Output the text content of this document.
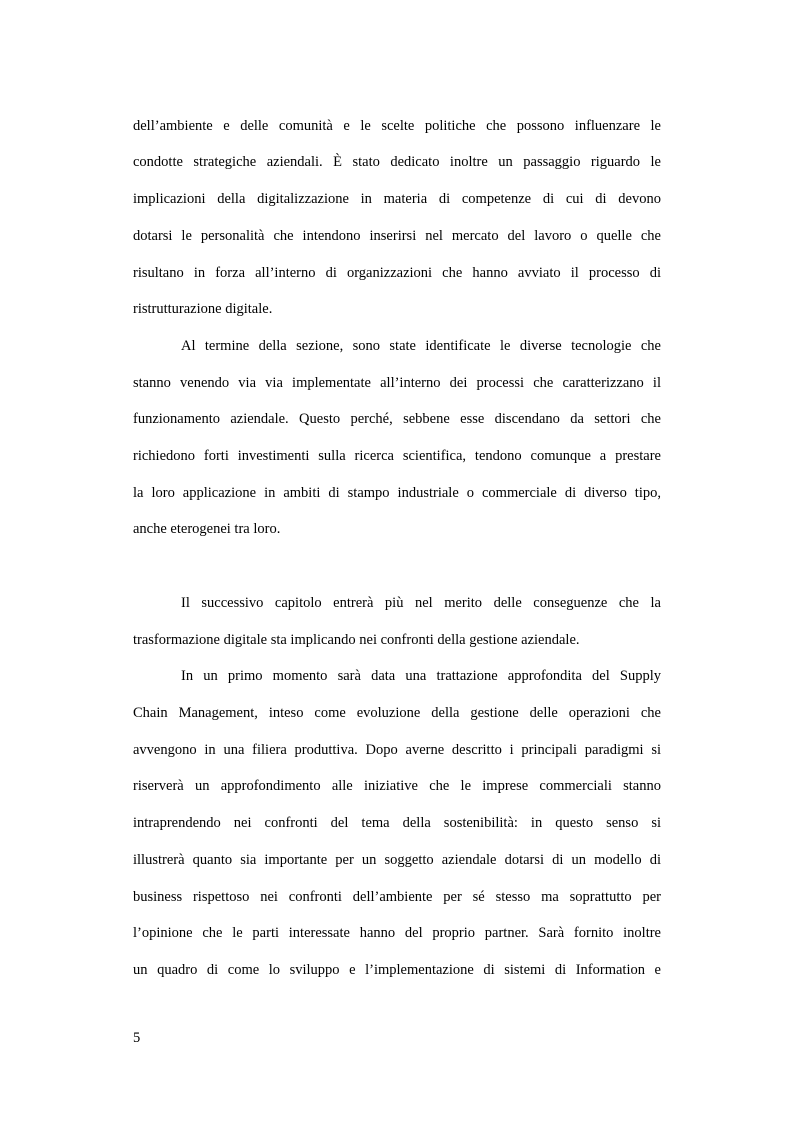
dell’ambiente e delle comunità e le scelte politiche che possono influenzare le
condotte strategiche aziendali. È stato dedicato inoltre un passaggio riguardo le
implicazioni della digitalizzazione in materia di competenze di cui di devono
dotarsi le personalità che intendono inserirsi nel mercato del lavoro o quelle che
risultano in forza all’interno di organizzazioni che hanno avviato il processo di
ristrutturazione digitale.
Al termine della sezione, sono state identificate le diverse tecnologie che
stanno venendo via via implementate all’interno dei processi che caratterizzano il
funzionamento aziendale. Questo perché, sebbene esse discendano da settori che
richiedono forti investimenti sulla ricerca scientifica, tendono comunque a prestare
la loro applicazione in ambiti di stampo industriale o commerciale di diverso tipo,
anche eterogenei tra loro.
Il successivo capitolo entrerà più nel merito delle conseguenze che la
trasformazione digitale sta implicando nei confronti della gestione aziendale.
In un primo momento sarà data una trattazione approfondita del Supply
Chain Management, inteso come evoluzione della gestione delle operazioni che
avvengono in una filiera produttiva. Dopo averne descritto i principali paradigmi si
riserverà un approfondimento alle iniziative che le imprese commerciali stanno
intraprendendo nei confronti del tema della sostenibilità: in questo senso si
illustrerà quanto sia importante per un soggetto aziendale dotarsi di un modello di
business rispettoso nei confronti dell’ambiente per sé stesso ma soprattutto per
l’opinione che le parti interessate hanno del proprio partner. Sarà fornito inoltre
un quadro di come lo sviluppo e l’implementazione di sistemi di Information e
5
